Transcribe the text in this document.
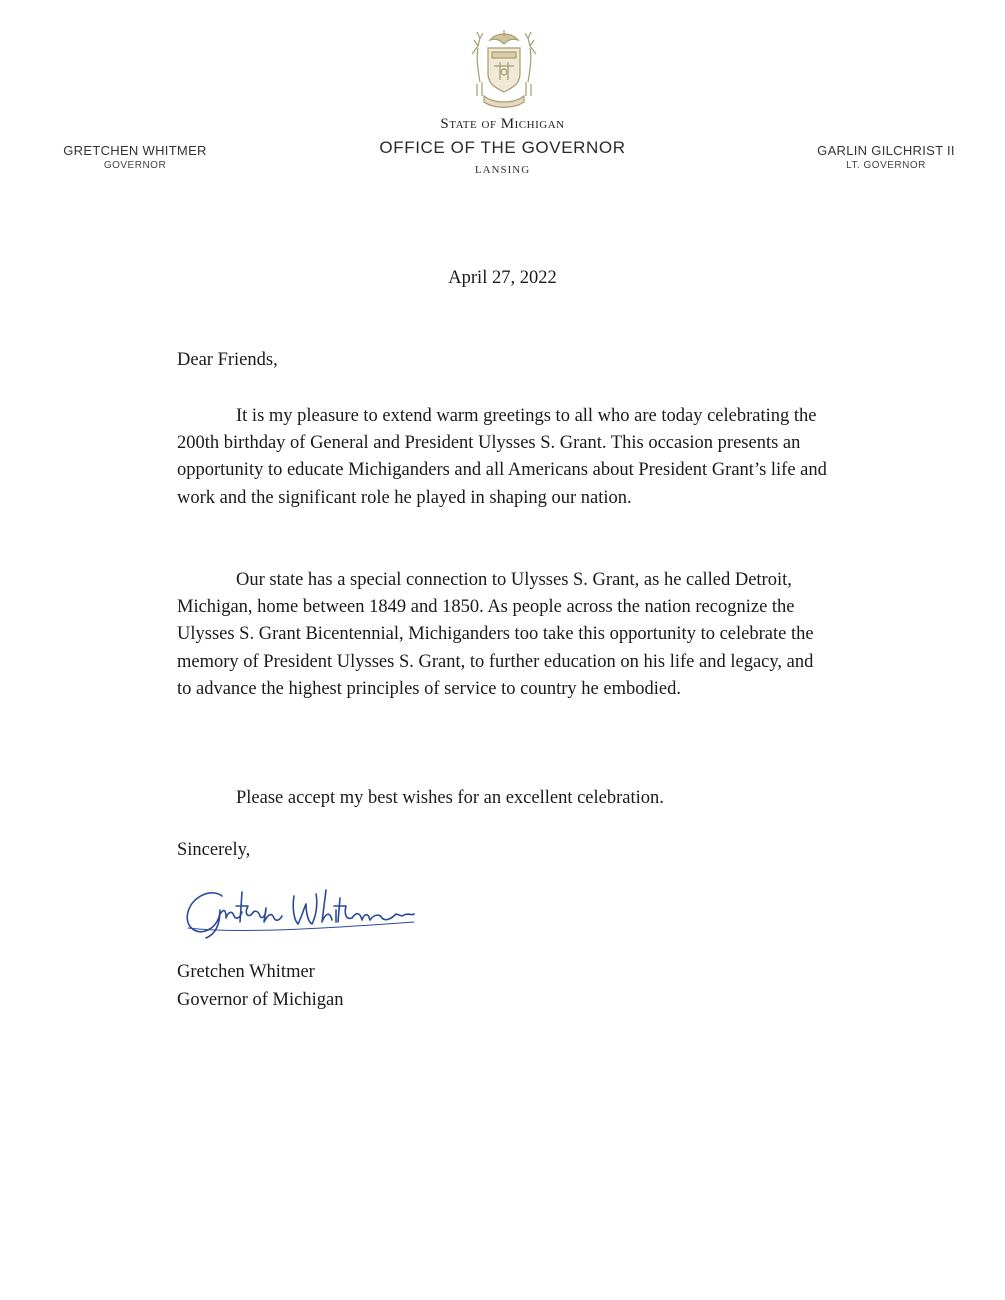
GRETCHEN WHITMER
GOVERNOR
State of Michigan
OFFICE OF THE GOVERNOR
LANSING
GARLIN GILCHRIST II
LT. GOVERNOR
April 27, 2022
Dear Friends,

It is my pleasure to extend warm greetings to all who are today celebrating the 200th birthday of General and President Ulysses S. Grant. This occasion presents an opportunity to educate Michiganders and all Americans about President Grant’s life and work and the significant role he played in shaping our nation.

Our state has a special connection to Ulysses S. Grant, as he called Detroit, Michigan, home between 1849 and 1850. As people across the nation recognize the Ulysses S. Grant Bicentennial, Michiganders too take this opportunity to celebrate the memory of President Ulysses S. Grant, to further education on his life and legacy, and to advance the highest principles of service to country he embodied.

Please accept my best wishes for an excellent celebration.

Sincerely,
Gretchen Whitmer
Governor of Michigan
